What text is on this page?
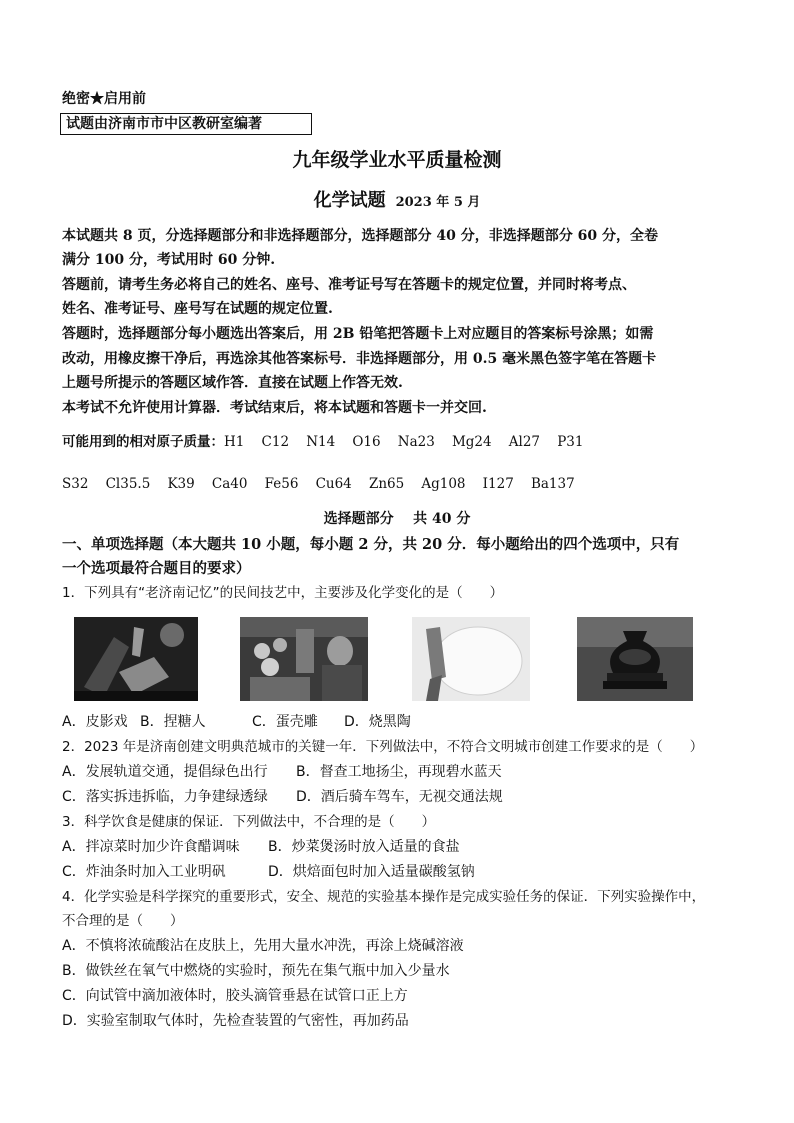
绝密★启用前
试题由济南市市中区教研室编著
九年级学业水平质量检测
化学试题 2023 年 5 月
本试题共 8 页，分选择题部分和非选择题部分，选择题部分 40 分，非选择题部分 60 分，全卷
满分 100 分，考试用时 60 分钟.
答题前，请考生务必将自己的姓名、座号、准考证号写在答题卡的规定位置，并同时将考点、
姓名、准考证号、座号写在试题的规定位置.
答题时，选择题部分每小题选出答案后，用 2B 铅笔把答题卡上对应题目的答案标号涂黑；如需
改动，用橡皮擦干净后，再选涂其他答案标号．非选择题部分，用 0.5 毫米黑色签字笔在答题卡
上题号所提示的答题区域作答．直接在试题上作答无效.
本考试不允许使用计算器．考试结束后，将本试题和答题卡一并交回.
可能用到的相对原子质量：H1    C12    N14    O16    Na23    Mg24    Al27    P31
S32    Cl35.5    K39    Ca40    Fe56    Cu64    Zn65    Ag108    I127    Ba137
选择题部分    共 40 分
一、单项选择题（本大题共 10 小题，每小题 2 分，共 20 分．每小题给出的四个选项中，只有
一个选项最符合题目的要求）
1．下列具有“老济南记忆”的民间技艺中，主要涉及化学变化的是（　　）
A．皮影戏 B．捏糖人	C．蛋壳雕 D．烧黑陶
2．2023 年是济南创建文明典范城市的关键一年．下列做法中，不符合文明城市创建工作要求的是（　　）
A．发展轨道交通，提倡绿色出行 B．督查工地扬尘，再现碧水蓝天
C．落实拆违拆临，力争建绿透绿 D．酒后骑车驾车，无视交通法规
3．科学饮食是健康的保证．下列做法中，不合理的是（　　）
A．拌凉菜时加少许食醋调味 B．炒菜煲汤时放入适量的食盐
C．炸油条时加入工业明矾	D．烘焙面包时加入适量碳酸氢钠
4．化学实验是科学探究的重要形式，安全、规范的实验基本操作是完成实验任务的保证．下列实验操作中，
不合理的是（　　）
A．不慎将浓硫酸沾在皮肤上，先用大量水冲洗，再涂上烧碱溶液
B．做铁丝在氧气中燃烧的实验时，预先在集气瓶中加入少量水
C．向试管中滴加液体时，胶头滴管垂悬在试管口正上方
D．实验室制取气体时，先检查装置的气密性，再加药品
